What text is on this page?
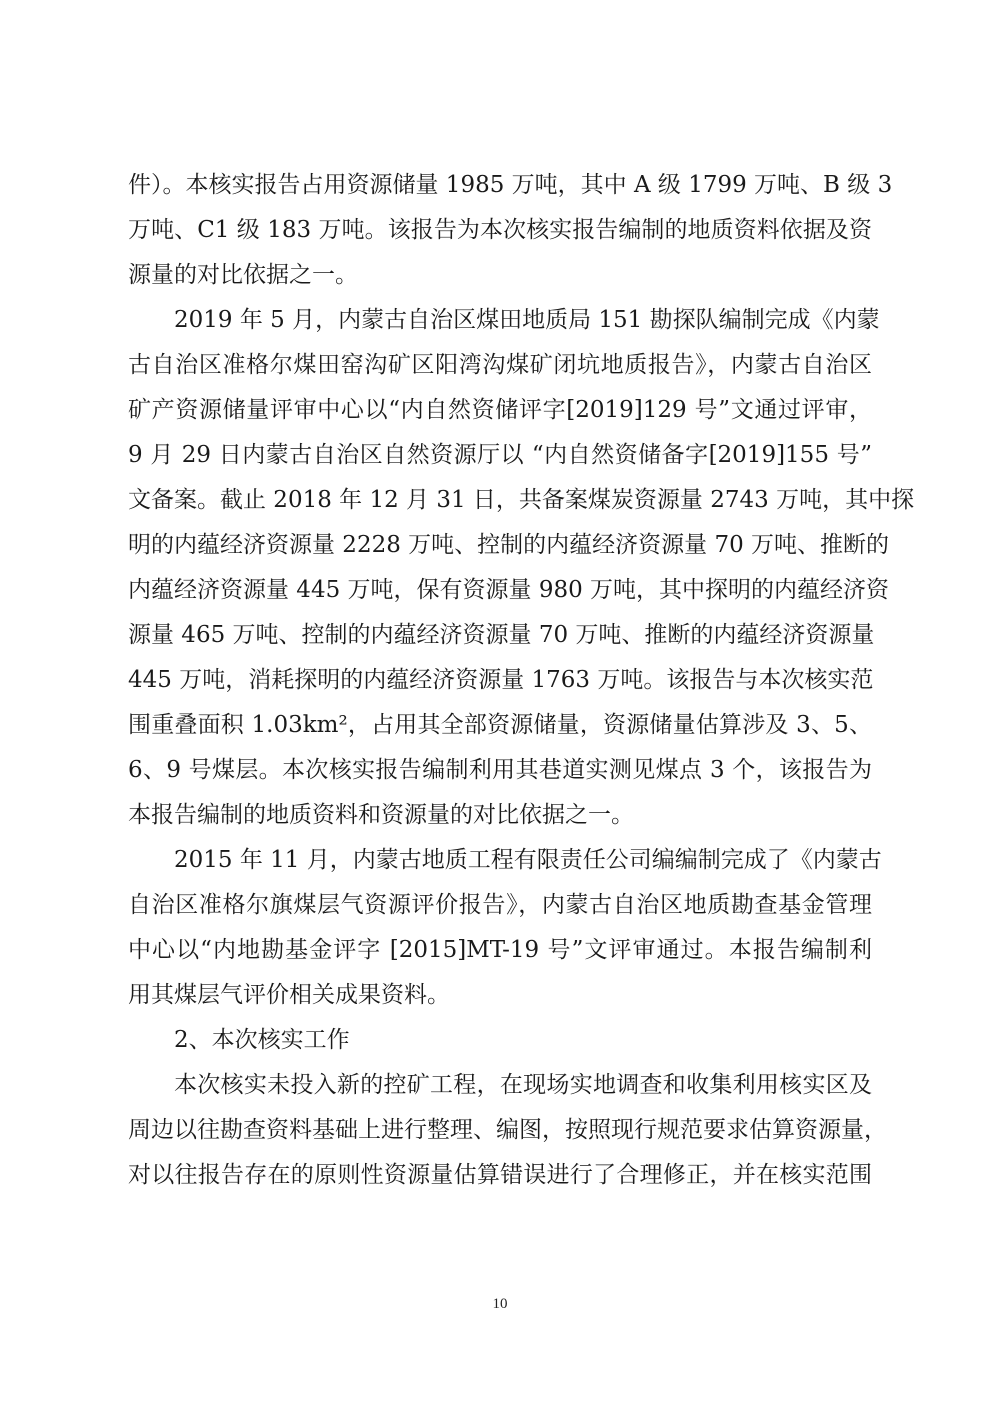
件）。本核实报告占用资源储量 1985 万吨，其中 A 级 1799 万吨、B 级 3
万吨、C1 级 183 万吨。该报告为本次核实报告编制的地质资料依据及资
源量的对比依据之一。
2019 年 5 月，内蒙古自治区煤田地质局 151 勘探队编制完成《内蒙
古自治区准格尔煤田窑沟矿区阳湾沟煤矿闭坑地质报告》，内蒙古自治区
矿产资源储量评审中心以“内自然资储评字[2019]129 号”文通过评审，
9 月 29 日内蒙古自治区自然资源厅以 “内自然资储备字[2019]155 号”
文备案。截止 2018 年 12 月 31 日，共备案煤炭资源量 2743 万吨，其中探
明的内蕴经济资源量 2228 万吨、控制的内蕴经济资源量 70 万吨、推断的
内蕴经济资源量 445 万吨，保有资源量 980 万吨，其中探明的内蕴经济资
源量 465 万吨、控制的内蕴经济资源量 70 万吨、推断的内蕴经济资源量
445 万吨，消耗探明的内蕴经济资源量 1763 万吨。该报告与本次核实范
围重叠面积 1.03km²，占用其全部资源储量，资源储量估算涉及 3、5、
6、9 号煤层。本次核实报告编制利用其巷道实测见煤点 3 个，该报告为
本报告编制的地质资料和资源量的对比依据之一。
2015 年 11 月，内蒙古地质工程有限责任公司编编制完成了《内蒙古
自治区准格尔旗煤层气资源评价报告》，内蒙古自治区地质勘查基金管理
中心以“内地勘基金评字 [2015]MT-19 号”文评审通过。本报告编制利
用其煤层气评价相关成果资料。
2、本次核实工作
本次核实未投入新的控矿工程，在现场实地调查和收集利用核实区及
周边以往勘查资料基础上进行整理、编图，按照现行规范要求估算资源量，
对以往报告存在的原则性资源量估算错误进行了合理修正，并在核实范围
10
